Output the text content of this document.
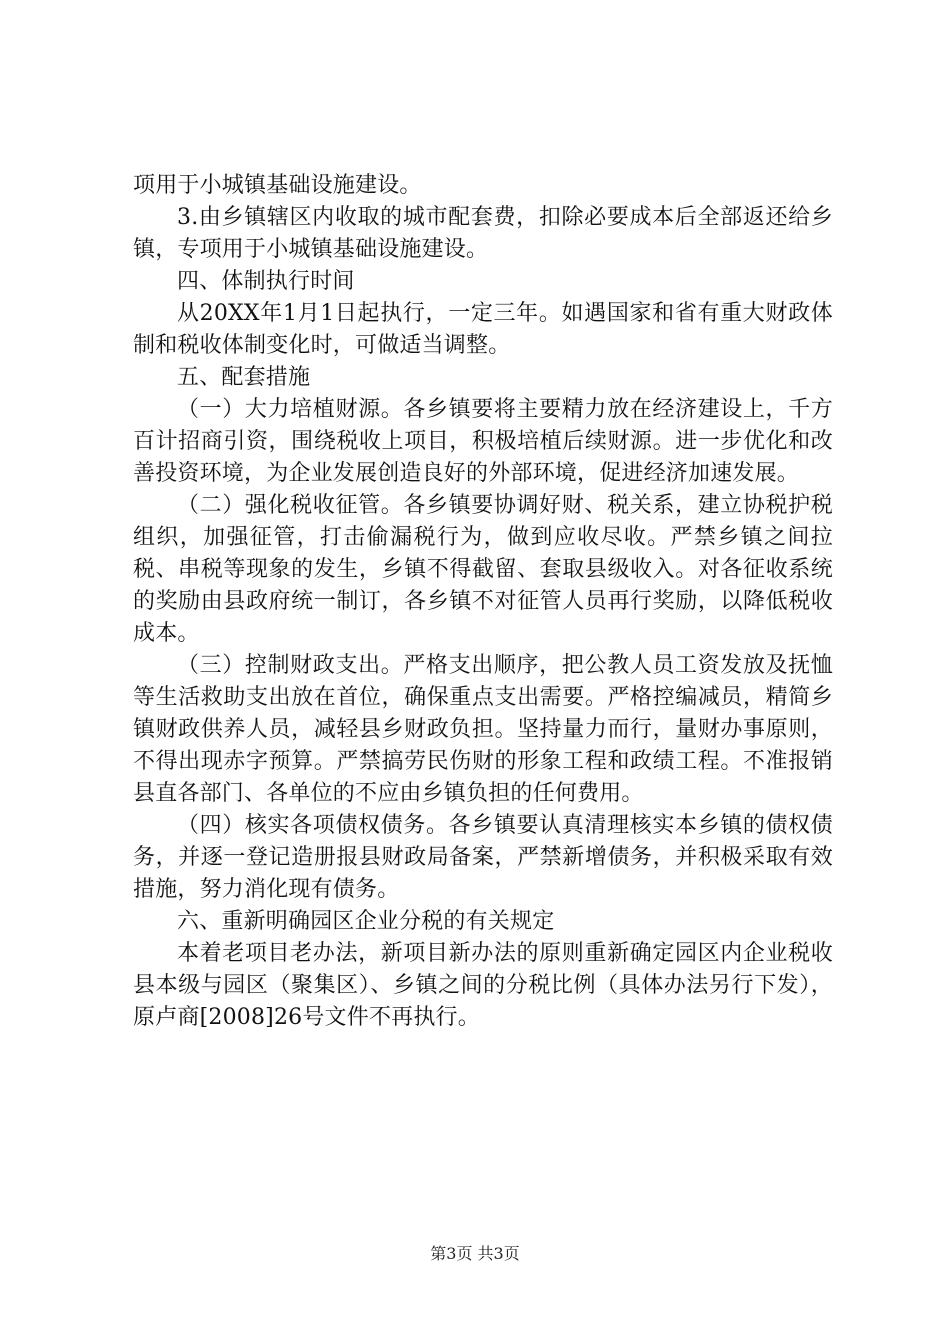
项用于小城镇基础设施建设。

3.由乡镇辖区内收取的城市配套费，扣除必要成本后全部返还给乡镇，专项用于小城镇基础设施建设。

四、体制执行时间

从20XX年1月1日起执行，一定三年。如遇国家和省有重大财政体制和税收体制变化时，可做适当调整。

五、配套措施

（一）大力培植财源。各乡镇要将主要精力放在经济建设上，千方百计招商引资，围绕税收上项目，积极培植后续财源。进一步优化和改善投资环境，为企业发展创造良好的外部环境，促进经济加速发展。

（二）强化税收征管。各乡镇要协调好财、税关系，建立协税护税组织，加强征管，打击偷漏税行为，做到应收尽收。严禁乡镇之间拉税、串税等现象的发生，乡镇不得截留、套取县级收入。对各征收系统的奖励由县政府统一制订，各乡镇不对征管人员再行奖励，以降低税收成本。

（三）控制财政支出。严格支出顺序，把公教人员工资发放及抚恤等生活救助支出放在首位，确保重点支出需要。严格控编减员，精简乡镇财政供养人员，减轻县乡财政负担。坚持量力而行，量财办事原则，不得出现赤字预算。严禁搞劳民伤财的形象工程和政绩工程。不准报销县直各部门、各单位的不应由乡镇负担的任何费用。

（四）核实各项债权债务。各乡镇要认真清理核实本乡镇的债权债务，并逐一登记造册报县财政局备案，严禁新增债务，并积极采取有效措施，努力消化现有债务。

六、重新明确园区企业分税的有关规定

本着老项目老办法，新项目新办法的原则重新确定园区内企业税收县本级与园区（聚集区）、乡镇之间的分税比例（具体办法另行下发），原卢商[2008]26号文件不再执行。

第3页 共3页
